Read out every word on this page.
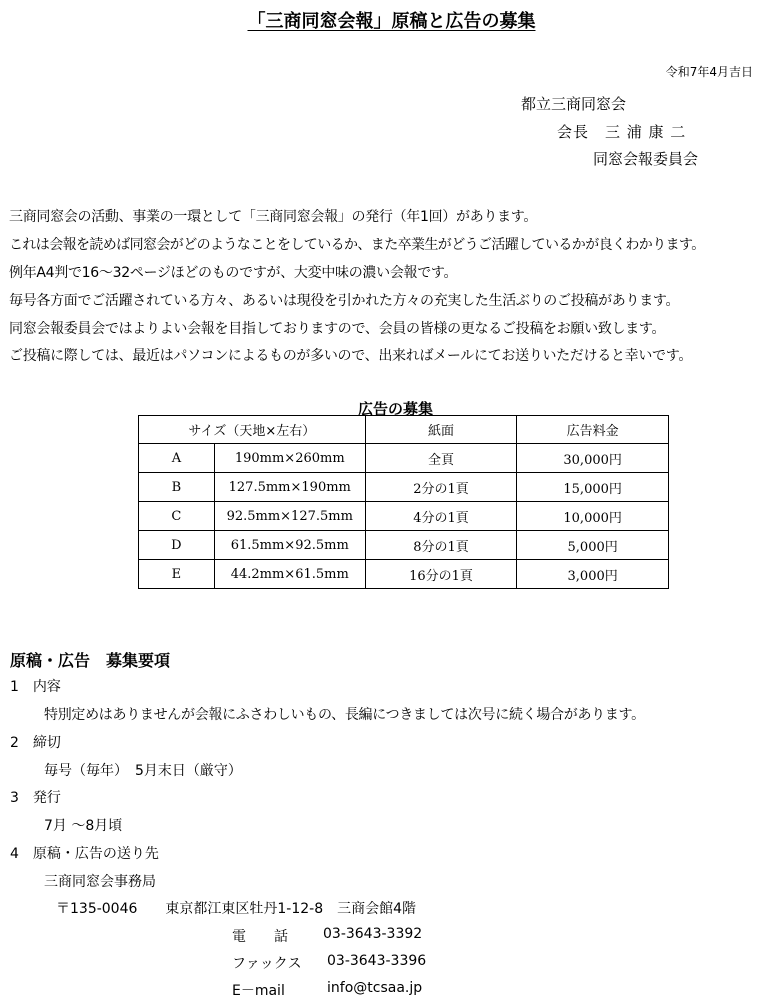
「三商同窓会報」原稿と広告の募集
令和7年4月吉日
都立三商同窓会
会長　三 浦 康 二
同窓会報委員会
三商同窓会の活動、事業の一環として「三商同窓会報」の発行（年1回）があります。
これは会報を読めば同窓会がどのようなことをしているか、また卒業生がどうご活躍しているかが良くわかります。
例年A4判で16～32ページほどのものですが、大変中味の濃い会報です。
毎号各方面でご活躍されている方々、あるいは現役を引かれた方々の充実した生活ぶりのご投稿があります。
同窓会報委員会ではよりよい会報を目指しておりますので、会員の皆様の更なるご投稿をお願い致します。
ご投稿に際しては、最近はパソコンによるものが多いので、出来ればメールにてお送りいただけると幸いです。
広告の募集
サイズ（天地×左右）		紙面	広告料金
A	190mm×260mm	全頁	30,000円
B	127.5mm×190mm	2分の1頁	15,000円
C	92.5mm×127.5mm	4分の1頁	10,000円
D	61.5mm×92.5mm	8分の1頁	5,000円
E	44.2mm×61.5mm	16分の1頁	3,000円
原稿・広告　募集要項
1　内容
特別定めはありませんが会報にふさわしいもの、長編につきましては次号に続く場合があります。
2　締切
毎号（毎年）　5月末日（厳守）
3　発行
7月 ～8月頃
4　原稿・広告の送り先
三商同窓会事務局
〒135-0046　　東京都江東区牡丹1-12-8　三商会館4階
電　　話	03-3643-3392
ファックス 03-3643-3396
E－mail	info@tcsaa.jp
